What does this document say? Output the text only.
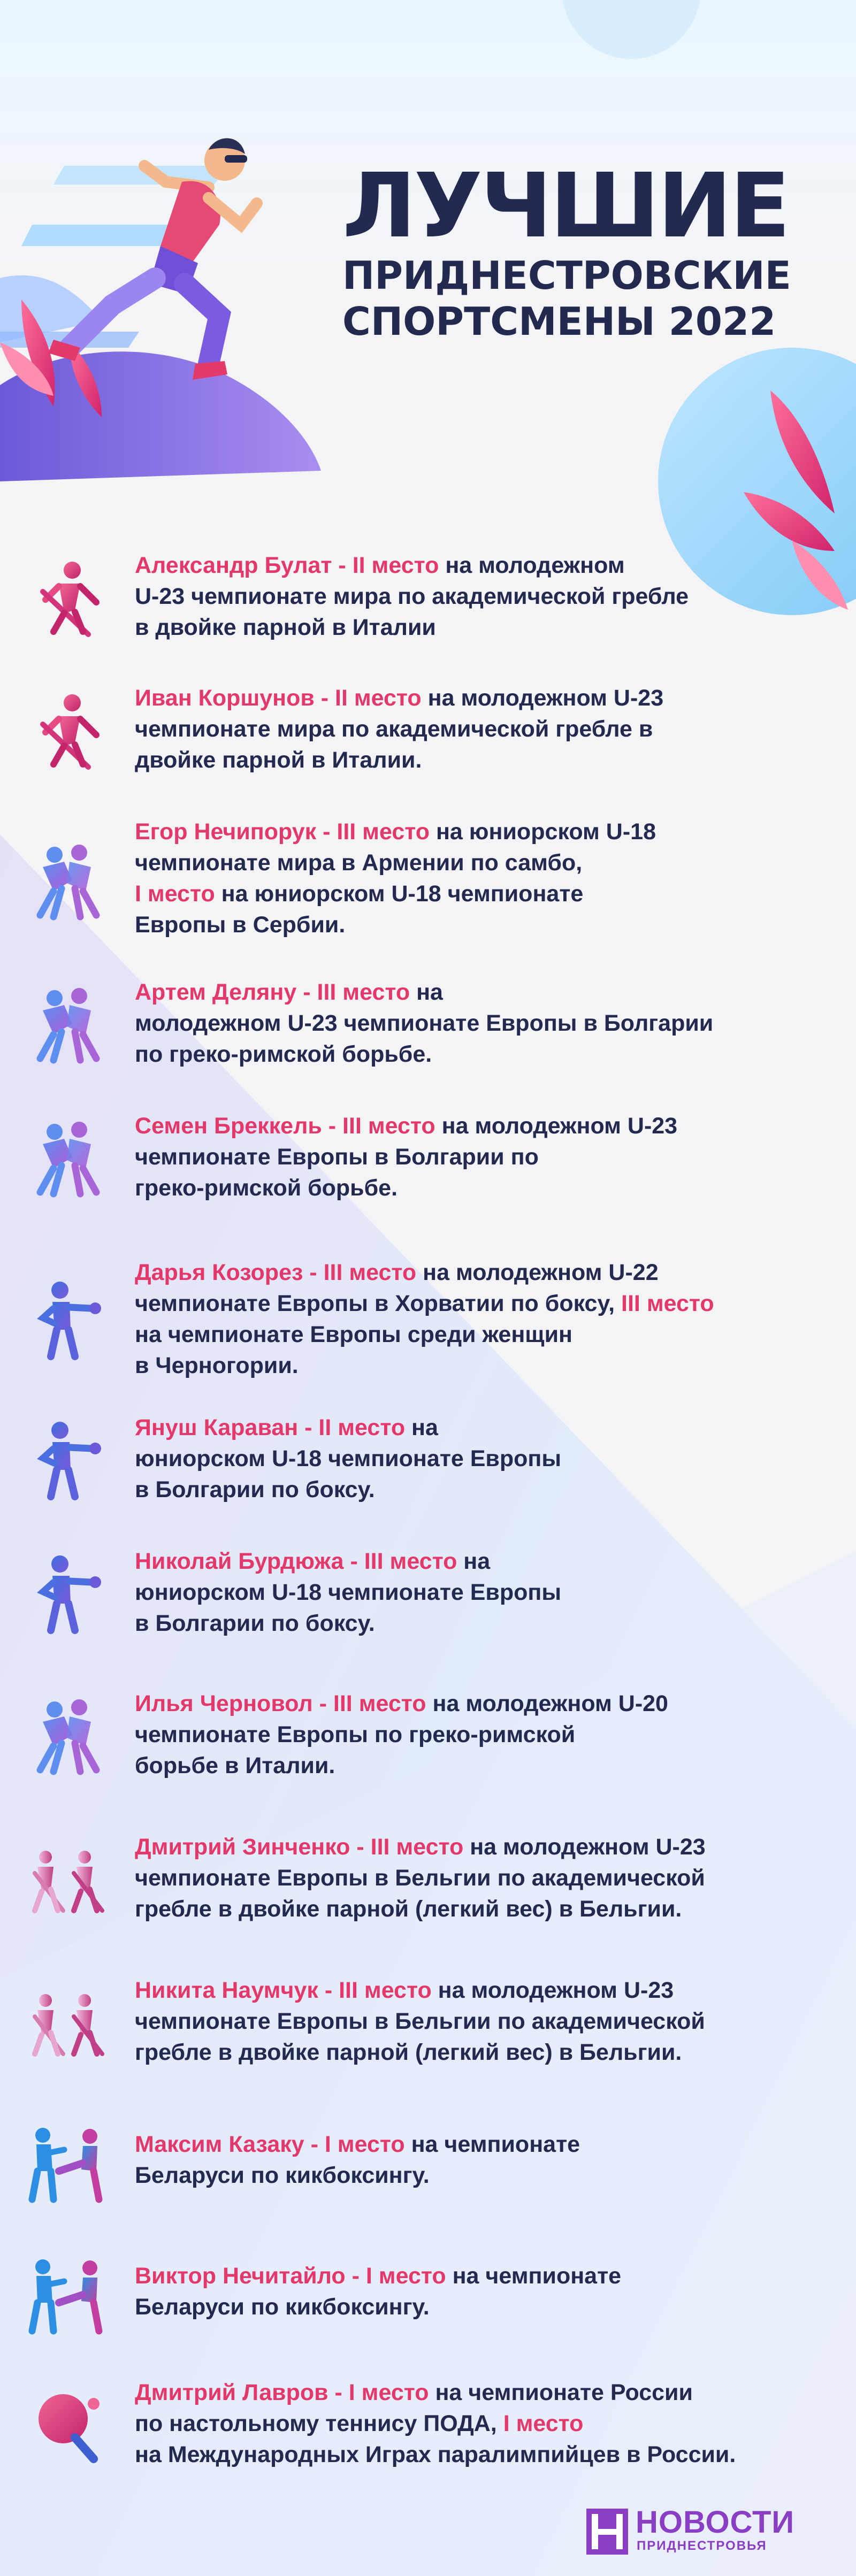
ЛУЧШИЕ
ПРИДНЕСТРОВСКИЕ
СПОРТСМЕНЫ 2022
Александр Булат - II место на молодежном
U-23 чемпионате мира по академической гребле
в двойке парной в Италии
Иван Коршунов - II место на молодежном U-23
чемпионате мира по академической гребле в
двойке парной в Италии.
Егор Нечипорук - III место на юниорском U-18
чемпионате мира в Армении по самбо,
I место на юниорском U-18 чемпионате
Европы в Сербии.
Артем Деляну - III место на
молодежном U-23 чемпионате Европы в Болгарии
по греко-римской борьбе.
Семен Бреккель - III место на молодежном U-23
чемпионате Европы в Болгарии по
греко-римской борьбе.
Дарья Козорез - III место на молодежном U-22
чемпионате Европы в Хорватии по боксу, III место
на чемпионате Европы среди женщин
в Черногории.
Януш Караван - II место на
юниорском U-18 чемпионате Европы
в Болгарии по боксу.
Николай Бурдюжа - III место на
юниорском U-18 чемпионате Европы
в Болгарии по боксу.
Илья Черновол - III место на молодежном U-20
чемпионате Европы по греко-римской
борьбе в Италии.
Дмитрий Зинченко - III место на молодежном U-23
чемпионате Европы в Бельгии по академической
гребле в двойке парной (легкий вес) в Бельгии.
Никита Наумчук - III место на молодежном U-23
чемпионате Европы в Бельгии по академической
гребле в двойке парной (легкий вес) в Бельгии.
Максим Казаку - I место на чемпионате
Беларуси по кикбоксингу.
Виктор Нечитайло - I место на чемпионате
Беларуси по кикбоксингу.
Дмитрий Лавров - I место на чемпионате России
по настольному теннису ПОДА, I место
на Международных Играх паралимпийцев в России.
НОВОСТИ
ПРИДНЕСТРОВЬЯ
